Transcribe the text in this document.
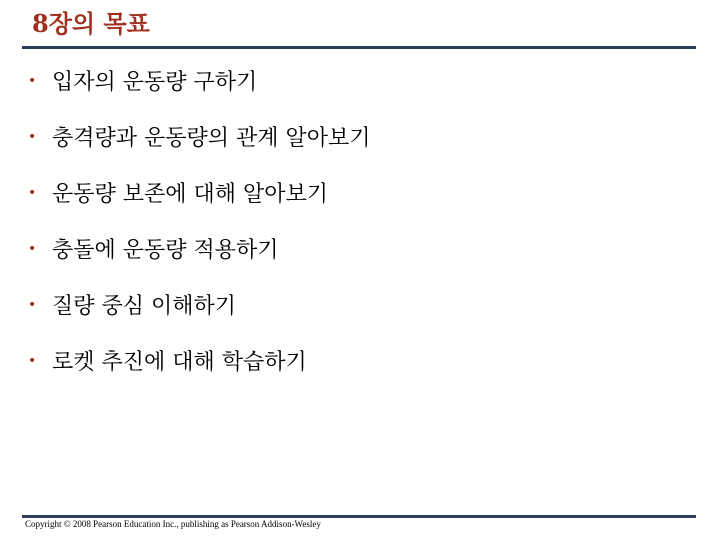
8장의 목표
• 입자의 운동량 구하기
• 충격량과 운동량의 관계 알아보기
• 운동량 보존에 대해 알아보기
• 충돌에 운동량 적용하기
• 질량 중심 이해하기
• 로켓 추진에 대해 학습하기
Copyright © 2008 Pearson Education Inc., publishing as Pearson Addison-Wesley
